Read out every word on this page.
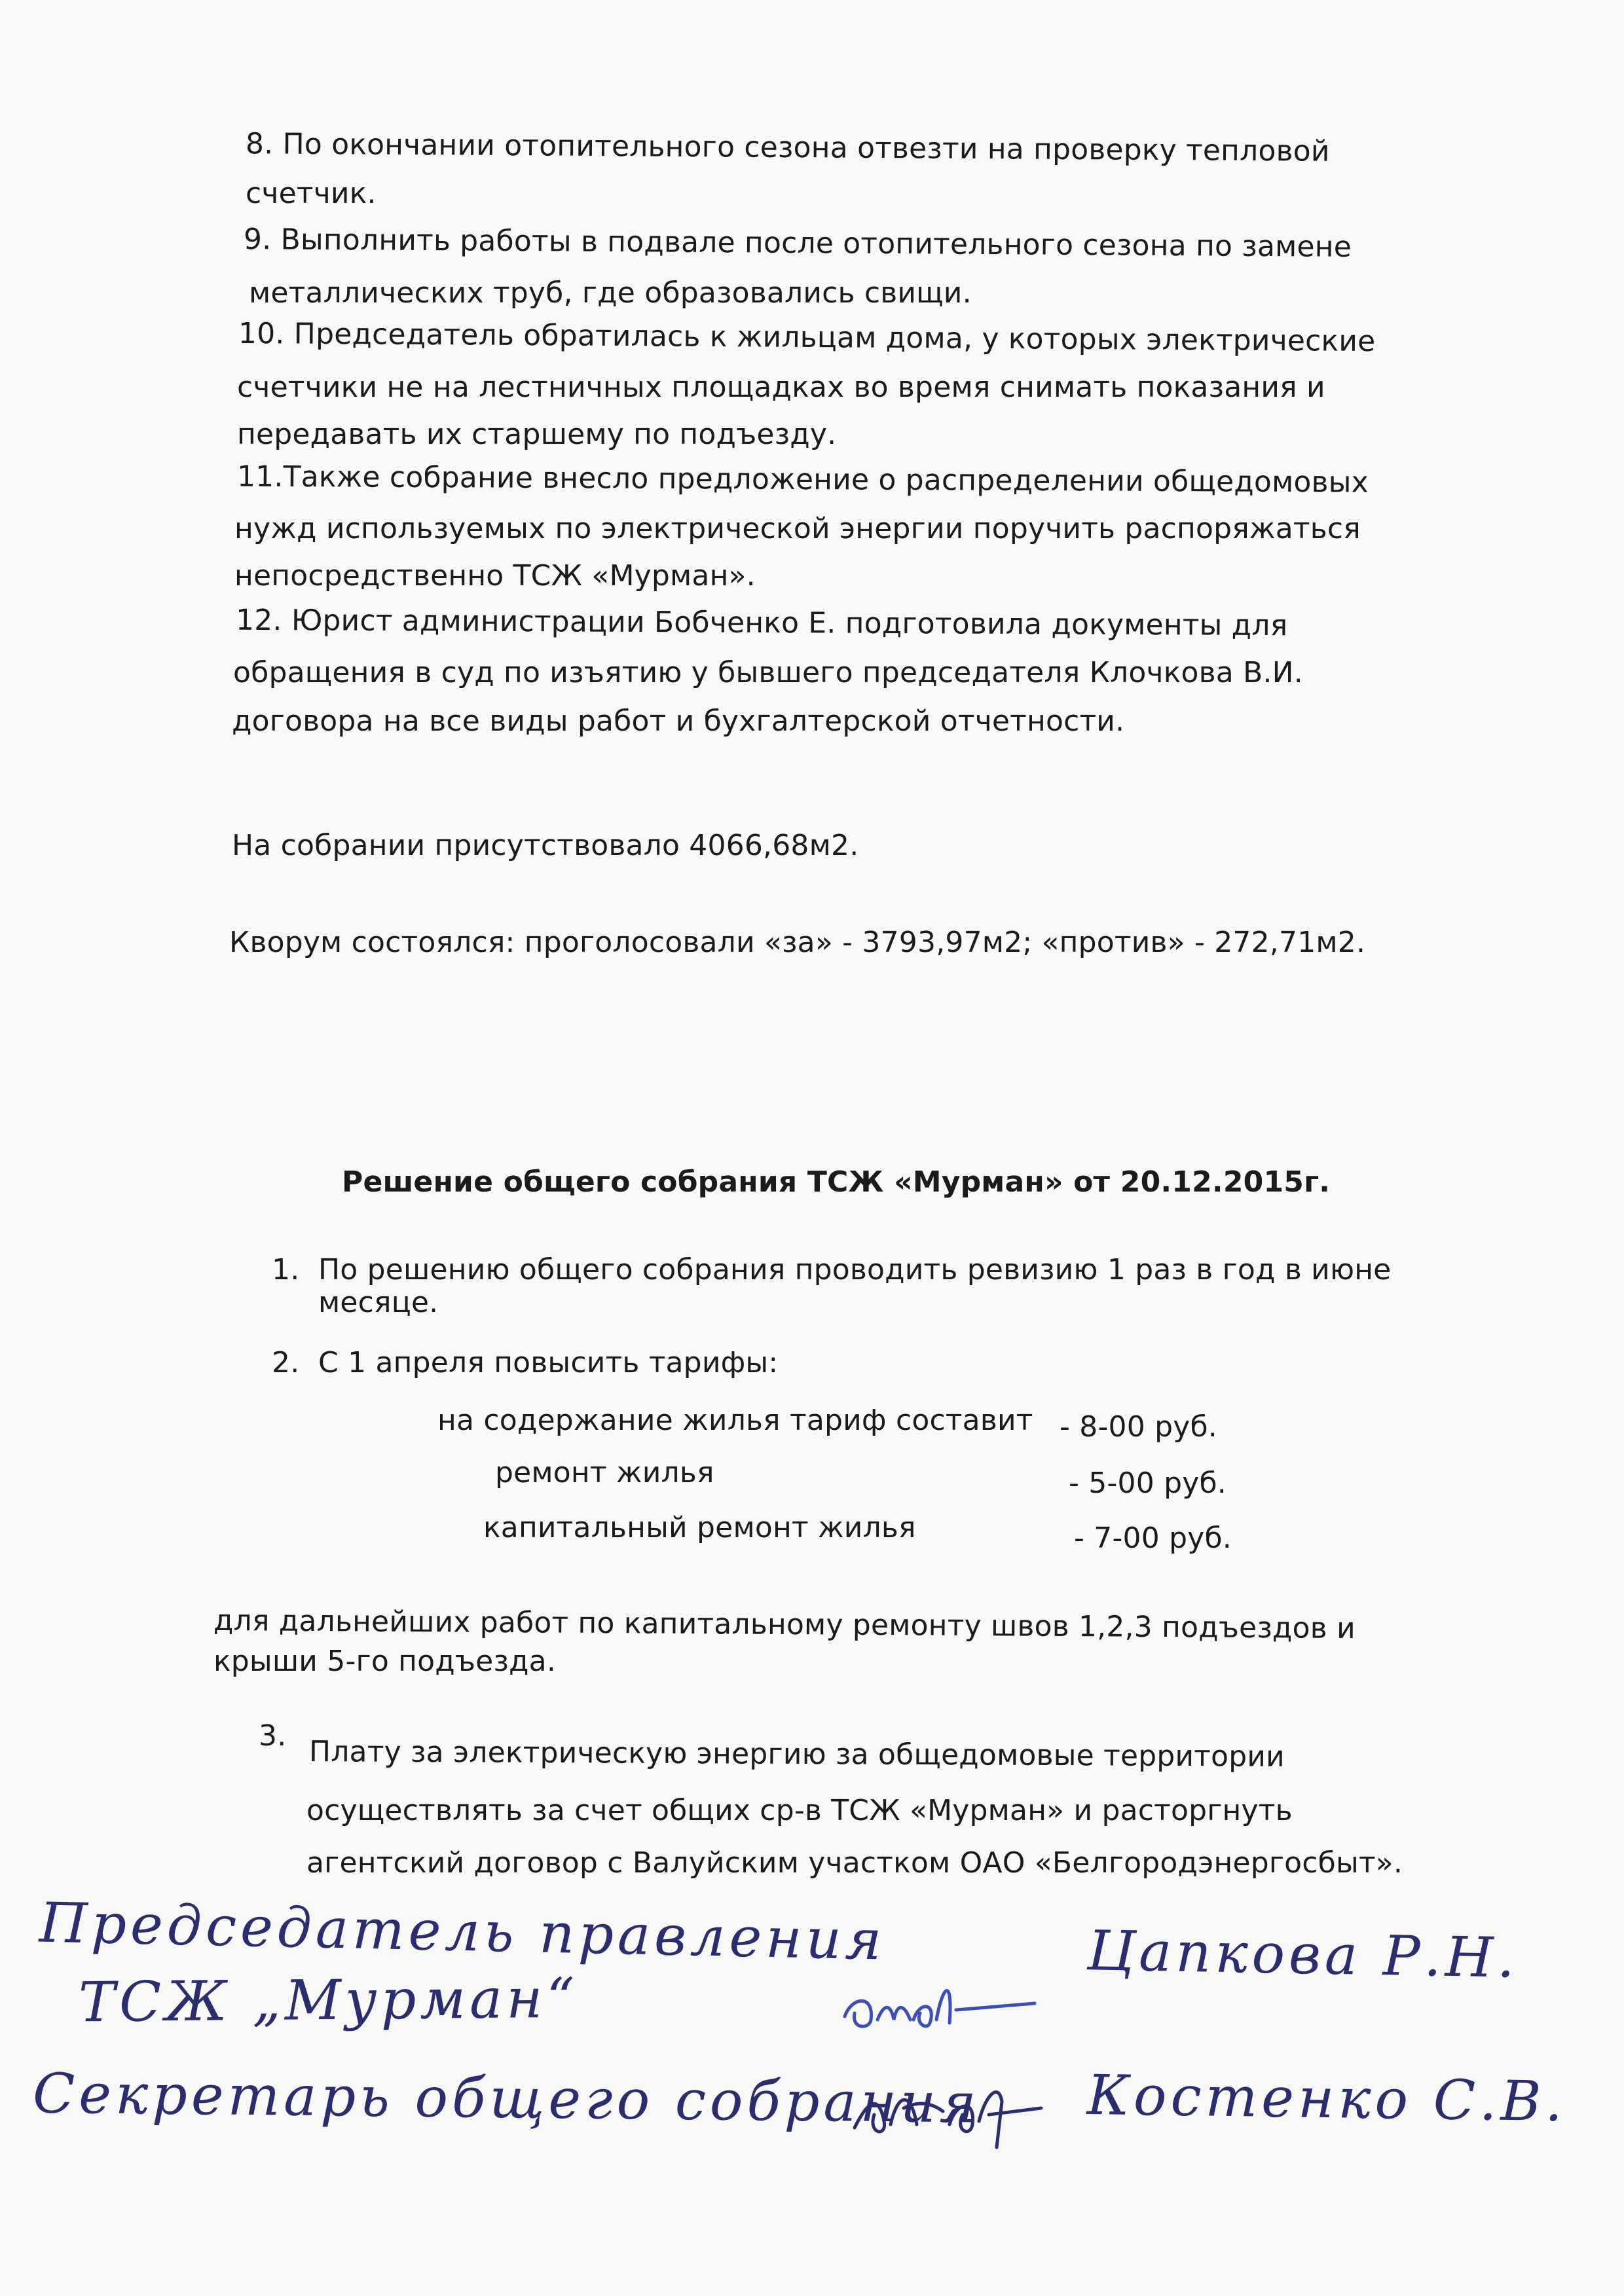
8. По окончании отопительного сезона отвезти на проверку тепловой
счетчик.
9. Выполнить работы в подвале после отопительного сезона по замене
металлических труб, где образовались свищи.
10. Председатель обратилась к жильцам дома, у которых электрические
счетчики не на лестничных площадках во время снимать показания и
передавать их старшему по подъезду.
11.Также собрание внесло предложение о распределении общедомовых
нужд используемых по электрической энергии поручить распоряжаться
непосредственно ТСЖ «Мурман».
12. Юрист администрации Бобченко Е. подготовила документы для
обращения в суд по изъятию у бывшего председателя Клочкова В.И.
договора на все виды работ и бухгалтерской отчетности.
На собрании присутствовало 4066,68м2.
Кворум состоялся: проголосовали «за» - 3793,97м2; «против» - 272,71м2.
Решение общего собрания ТСЖ «Мурман» от 20.12.2015г.
1. По решению общего собрания проводить ревизию 1 раз в год в июне
месяце.
2. С 1 апреля повысить тарифы:
на содержание жилья тариф составит - 8-00 руб.
ремонт жилья	- 5-00 руб.
капитальный ремонт жилья	- 7-00 руб.
для дальнейших работ по капитальному ремонту швов 1,2,3 подъездов и
крыши 5-го подъезда.
3. Плату за электрическую энергию за общедомовые территории
осуществлять за счет общих ср-в ТСЖ «Мурман» и расторгнуть
агентский договор с Валуйским участком ОАО «Белгородэнергосбыт».
Председатель правления
ТСЖ „Мурман“
Цапкова Р.Н.
Секретарь общего собрания Костенко С.В.
